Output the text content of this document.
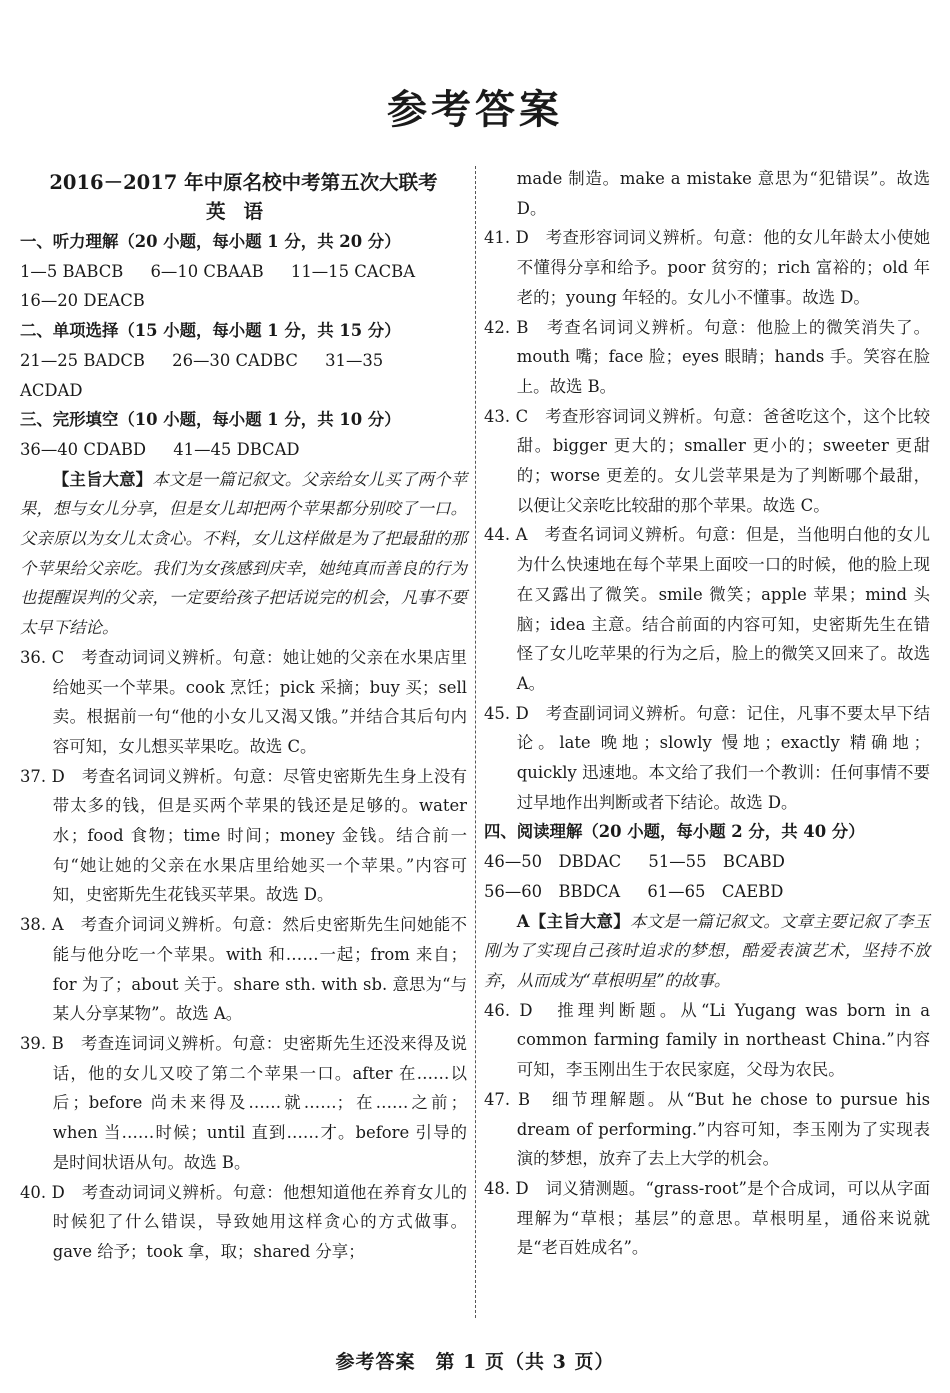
参考答案

2016－2017 年中原名校中考第五次大联考

英语

一、听力理解（20 小题，每小题 1 分，共 20 分）

1—5 BABCB 6—10 CBAAB 11—15 CACBA

16—20 DEACB

二、单项选择（15 小题，每小题 1 分，共 15 分）

21—25 BADCB 26—30 CADBC 31—35 ACDAD

三、完形填空（10 小题，每小题 1 分，共 10 分）

36—40 CDABD 41—45 DBCAD

【主旨大意】本文是一篇记叙文。父亲给女儿买了两个苹果，想与女儿分享，但是女儿却把两个苹果都分别咬了一口。父亲原以为女儿太贪心。不料，女儿这样做是为了把最甜的那个苹果给父亲吃。我们为女孩感到庆幸，她纯真而善良的行为也提醒误判的父亲，一定要给孩子把话说完的机会，凡事不要太早下结论。

36. C　考查动词词义辨析。句意：她让她的父亲在水果店里给她买一个苹果。cook 烹饪；pick 采摘；buy 买；sell 卖。根据前一句“他的小女儿又渴又饿。”并结合其后句内容可知，女儿想买苹果吃。故选 C。

37. D　考查名词词义辨析。句意：尽管史密斯先生身上没有带太多的钱，但是买两个苹果的钱还是足够的。water 水；food 食物；time 时间；money 金钱。结合前一句“她让她的父亲在水果店里给她买一个苹果。”内容可知，史密斯先生花钱买苹果。故选 D。

38. A　考查介词词义辨析。句意：然后史密斯先生问她能不能与他分吃一个苹果。with 和……一起；from 来自；for 为了；about 关于。share sth. with sb. 意思为“与某人分享某物”。故选 A。

39. B　考查连词词义辨析。句意：史密斯先生还没来得及说话，他的女儿又咬了第二个苹果一口。after 在……以后；before 尚未来得及……就……；在……之前；when 当……时候；until 直到……才。before 引导的是时间状语从句。故选 B。

40. D　考查动词词义辨析。句意：他想知道他在养育女儿的时候犯了什么错误，导致她用这样贪心的方式做事。gave 给予；took 拿，取；shared 分享；

made 制造。make a mistake 意思为“犯错误”。故选 D。

41. D　考查形容词词义辨析。句意：他的女儿年龄太小使她不懂得分享和给予。poor 贫穷的；rich 富裕的；old 年老的；young 年轻的。女儿小不懂事。故选 D。

42. B　考查名词词义辨析。句意：他脸上的微笑消失了。mouth 嘴；face 脸；eyes 眼睛；hands 手。笑容在脸上。故选 B。

43. C　考查形容词词义辨析。句意：爸爸吃这个，这个比较甜。bigger 更大的；smaller 更小的；sweeter 更甜的；worse 更差的。女儿尝苹果是为了判断哪个最甜，以便让父亲吃比较甜的那个苹果。故选 C。

44. A　考查名词词义辨析。句意：但是，当他明白他的女儿为什么快速地在每个苹果上面咬一口的时候，他的脸上现在又露出了微笑。smile 微笑；apple 苹果；mind 头脑；idea 主意。结合前面的内容可知，史密斯先生在错怪了女儿吃苹果的行为之后，脸上的微笑又回来了。故选 A。

45. D　考查副词词义辨析。句意：记住，凡事不要太早下结论。late 晚地；slowly 慢地；exactly 精确地；quickly 迅速地。本文给了我们一个教训：任何事情不要过早地作出判断或者下结论。故选 D。

四、阅读理解（20 小题，每小题 2 分，共 40 分）

46—50　DBDAC 51—55　BCABD

56—60　BBDCA 61—65　CAEBD

A【主旨大意】本文是一篇记叙文。文章主要记叙了李玉刚为了实现自己孩时追求的梦想，酷爱表演艺术，坚持不放弃，从而成为“草根明星”的故事。

46. D　推理判断题。从“Li Yugang was born in a common farming family in northeast China.”内容可知，李玉刚出生于农民家庭，父母为农民。

47. B　细节理解题。从“But he chose to pursue his dream of performing.”内容可知，李玉刚为了实现表演的梦想，放弃了去上大学的机会。

48. D　词义猜测题。“grass-root”是个合成词，可以从字面理解为“草根；基层”的意思。草根明星，通俗来说就是“老百姓成名”。

参考答案　第 1 页（共 3 页）
